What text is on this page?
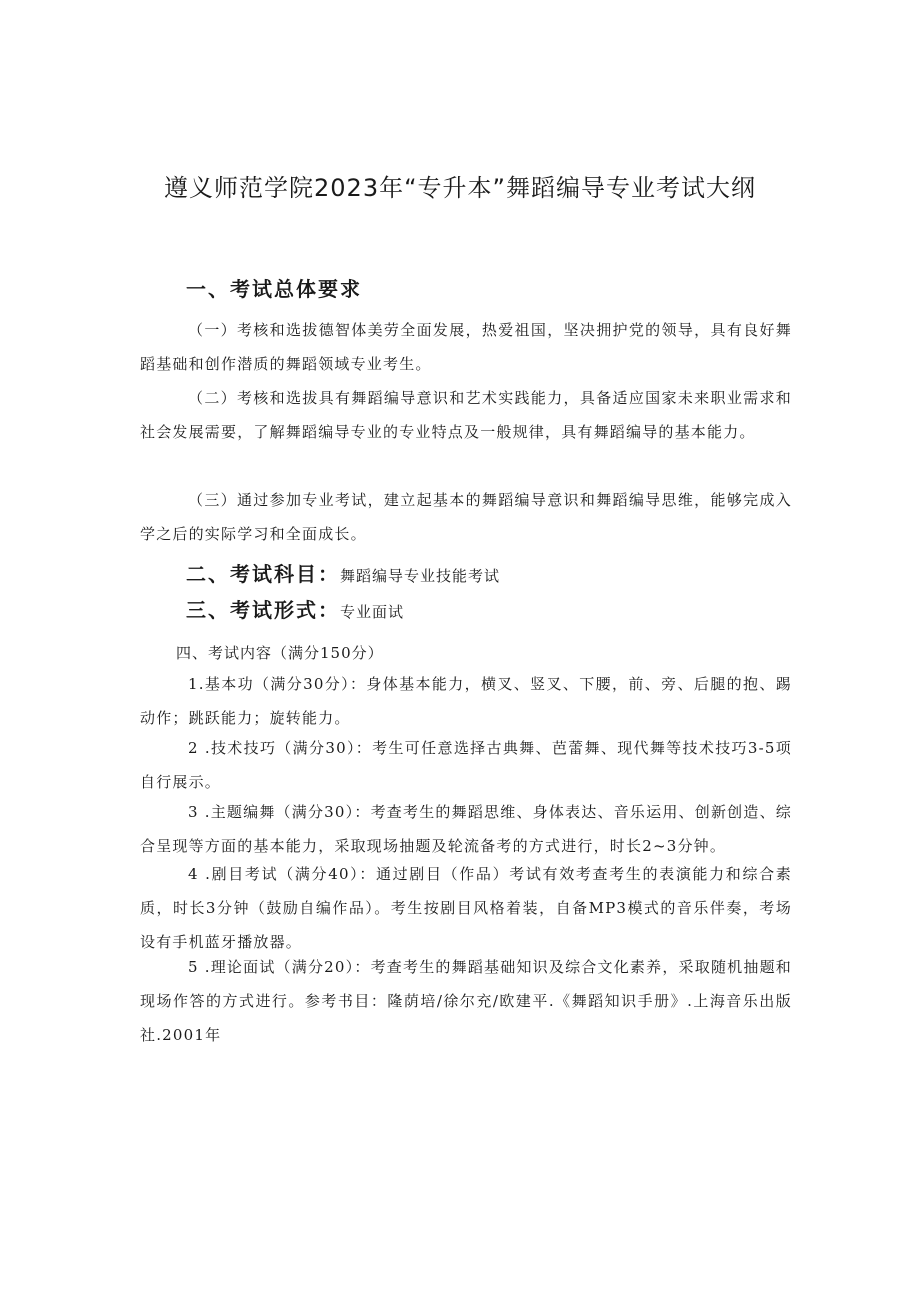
遵义师范学院2023年“专升本”舞蹈编导专业考试大纲
一、考试总体要求
（一）考核和选拔德智体美劳全面发展，热爱祖国，坚决拥护党的领导，具有良好舞蹈基础和创作潜质的舞蹈领域专业考生。
（二）考核和选拔具有舞蹈编导意识和艺术实践能力，具备适应国家未来职业需求和社会发展需要，了解舞蹈编导专业的专业特点及一般规律，具有舞蹈编导的基本能力。
（三）通过参加专业考试，建立起基本的舞蹈编导意识和舞蹈编导思维，能够完成入学之后的实际学习和全面成长。
二、考试科目：舞蹈编导专业技能考试
三、考试形式：专业面试
四、考试内容（满分150分）
1.基本功（满分30分）：身体基本能力，横叉、竖叉、下腰，前、旁、后腿的抱、踢动作；跳跃能力；旋转能力。
2 .技术技巧（满分30）：考生可任意选择古典舞、芭蕾舞、现代舞等技术技巧3-5项自行展示。
3 .主题编舞（满分30）：考查考生的舞蹈思维、身体表达、音乐运用、创新创造、综合呈现等方面的基本能力，采取现场抽题及轮流备考的方式进行，时长2~3分钟。
4 .剧目考试（满分40）：通过剧目（作品）考试有效考查考生的表演能力和综合素质，时长3分钟（鼓励自编作品）。考生按剧目风格着装，自备MP3模式的音乐伴奏，考场设有手机蓝牙播放器。
5 .理论面试（满分20）：考查考生的舞蹈基础知识及综合文化素养，采取随机抽题和现场作答的方式进行。参考书目：隆荫培/徐尔充/欧建平.《舞蹈知识手册》.上海音乐出版社.2001年
